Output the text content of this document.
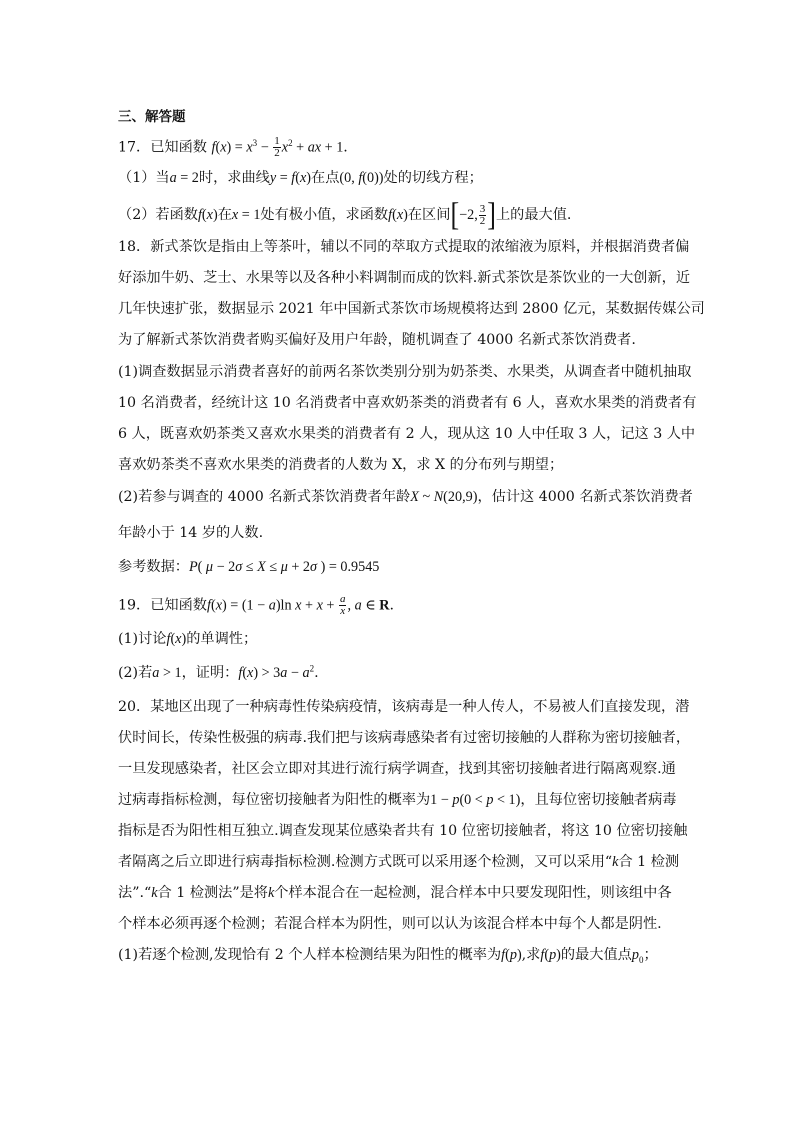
三、解答题
17．已知函数 $f(x) = x^3 - \frac{1}{2} x^2$ + ax + 1.
（1）当a = 2时，求曲线y = f(x)在点(0, f(0))处的切线方程；
（2）若函数f(x)在x = 1处有极小值，求函数f(x)在区间[−2, $\frac{3}{2}$ ]上的最大值.
18．新式茶饮是指由上等茶叶，辅以不同的萃取方式提取的浓缩液为原料，并根据消费者偏
好添加牛奶、芝士、水果等以及各种小料调制而成的饮料.新式茶饮是茶饮业的一大创新，近
几年快速扩张，数据显示 2021 年中国新式茶饮市场规模将达到 2800 亿元，某数据传媒公司
为了解新式茶饮消费者购买偏好及用户年龄，随机调查了 4000 名新式茶饮消费者.
(1)调查数据显示消费者喜好的前两名茶饮类别分别为奶茶类、水果类，从调查者中随机抽取
10 名消费者，经统计这 10 名消费者中喜欢奶茶类的消费者有 6 人，喜欢水果类的消费者有
6 人，既喜欢奶茶类又喜欢水果类的消费者有 2 人，现从这 10 人中任取 3 人，记这 3 人中
喜欢奶茶类不喜欢水果类的消费者的人数为 X，求 X 的分布列与期望；
(2)若参与调查的 4000 名新式茶饮消费者年龄X ~ N(20,9)，估计这 4000 名新式茶饮消费者
年龄小于 14 岁的人数.
参考数据：P( μ − 2σ ≤ X ≤ μ + 2σ ) = 0.9545
19．已知函数f(x) = (1 − a)ln $x + x + \frac{a}{x}$ , a ∈ R.
(1)讨论f(x)的单调性；
(2)若a > 1，证明：$f(x) > 3a - a^2$.
20．某地区出现了一种病毒性传染病疫情，该病毒是一种人传人，不易被人们直接发现，潜
伏时间长，传染性极强的病毒.我们把与该病毒感染者有过密切接触的人群称为密切接触者，
一旦发现感染者，社区会立即对其进行流行病学调查，找到其密切接触者进行隔离观察.通
过病毒指标检测，每位密切接触者为阳性的概率为1 − p(0 < p < 1)，且每位密切接触者病毒
指标是否为阳性相互独立.调查发现某位感染者共有 10 位密切接触者，将这 10 位密切接触
者隔离之后立即进行病毒指标检测.检测方式既可以采用逐个检测，又可以采用“k合 1 检测
法”.“k合 1 检测法”是将k个样本混合在一起检测，混合样本中只要发现阳性，则该组中各
个样本必须再逐个检测；若混合样本为阴性，则可以认为该混合样本中每个人都是阴性.
(1)若逐个检测,发现恰有 2 个人样本检测结果为阳性的概率为f(p),求f(p)的最大值点$p_0$；
